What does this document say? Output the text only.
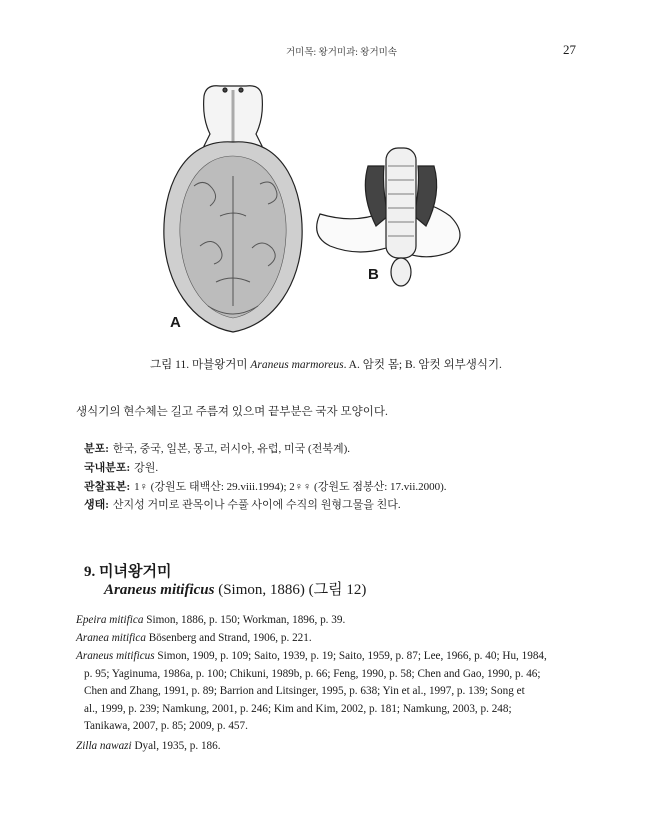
거미목: 왕거미과: 왕거미속	27
A
B
그림 11. 마블왕거미 Araneus marmoreus. A. 암컷 몸; B. 암컷 외부생식기.
생식기의 현수체는 길고 주름져 있으며 끝부분은 국자 모양이다.
분포: 한국, 중국, 일본, 몽고, 러시아, 유럽, 미국 (전북계).
국내분포: 강원.
관찰표본: 1♀ (강원도 태백산: 29.viii.1994); 2♀♀ (강원도 점봉산: 17.vii.2000).
생태: 산지성 거미로 관목이나 수풀 사이에 수직의 원형그물을 친다.
9. 미녀왕거미
Araneus mitificus (Simon, 1886) (그림 12)
Epeira mitifica Simon, 1886, p. 150; Workman, 1896, p. 39.
Aranea mitifica Bösenberg and Strand, 1906, p. 221.
Araneus mitificus Simon, 1909, p. 109; Saito, 1939, p. 19; Saito, 1959, p. 87; Lee, 1966, p. 40; Hu, 1984,
p. 95; Yaginuma, 1986a, p. 100; Chikuni, 1989b, p. 66; Feng, 1990, p. 58; Chen and Gao, 1990, p. 46;
Chen and Zhang, 1991, p. 89; Barrion and Litsinger, 1995, p. 638; Yin et al., 1997, p. 139; Song et
al., 1999, p. 239; Namkung, 2001, p. 246; Kim and Kim, 2002, p. 181; Namkung, 2003, p. 248;
Tanikawa, 2007, p. 85; 2009, p. 457.
Zilla nawazi Dyal, 1935, p. 186.
